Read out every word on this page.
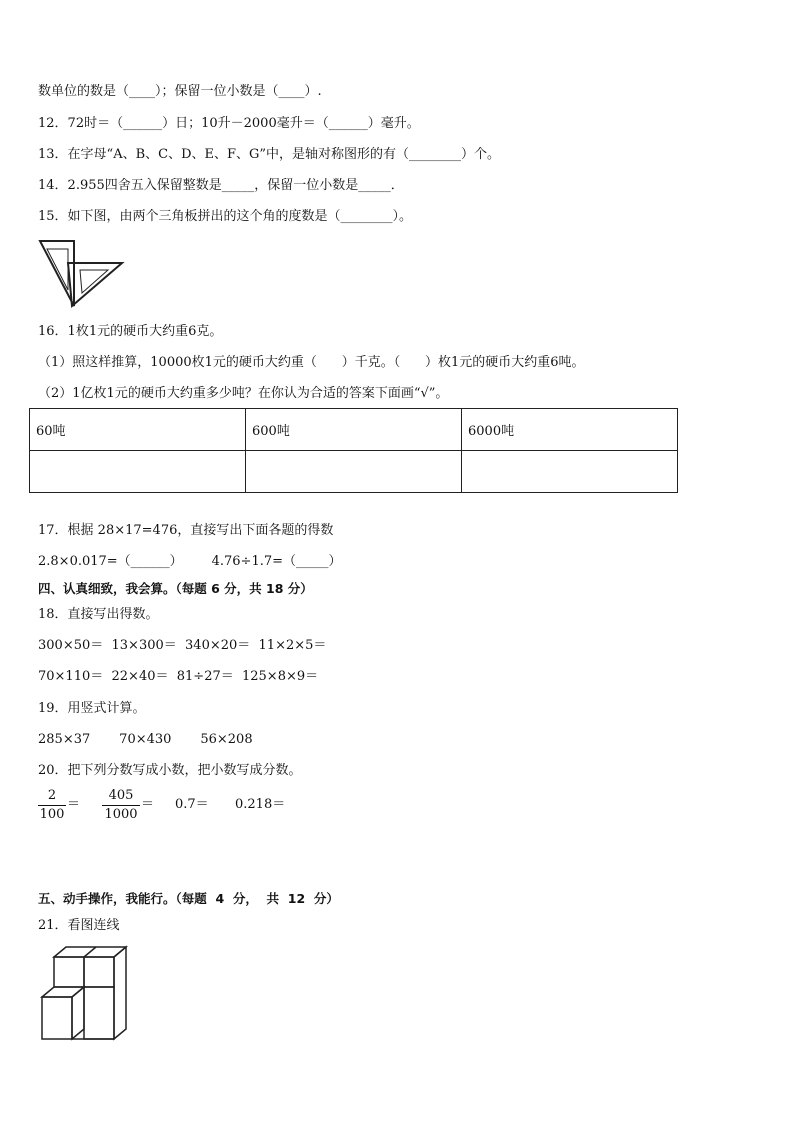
数单位的数是（____）；保留一位小数是（____）.
12．72时＝（______）日；10升－2000毫升＝（______）毫升。
13．在字母“A、B、C、D、E、F、G”中，是轴对称图形的有（________）个。
14．2.955四舍五入保留整数是_____，保留一位小数是_____．
15．如下图，由两个三角板拼出的这个角的度数是（________）。
16．1枚1元的硬币大约重6克。
（1）照这样推算，10000枚1元的硬币大约重（      ）千克。（      ）枚1元的硬币大约重6吨。
（2）1亿枚1元的硬币大约重多少吨？在你认为合适的答案下面画“√”。
60吨	600吨	6000吨

17．根据 28×17=476，直接写出下面各题的得数
2.8×0.017=（______）       4.76÷1.7=（_____）
四、认真细致，我会算。（每题 6 分，共 18 分）
18．直接写出得数。
300×50＝  13×300＝  340×20＝  11×2×5＝
70×110＝  22×40＝  81÷27＝  125×8×9＝
19．用竖式计算。
285×37       70×430       56×208
20．把下列分数写成小数，把小数写成分数。
2
100
＝
405
1000
＝ 0.7＝ 0.218＝
五、动手操作，我能行。（每题  4  分，  共  12  分）
21．看图连线
